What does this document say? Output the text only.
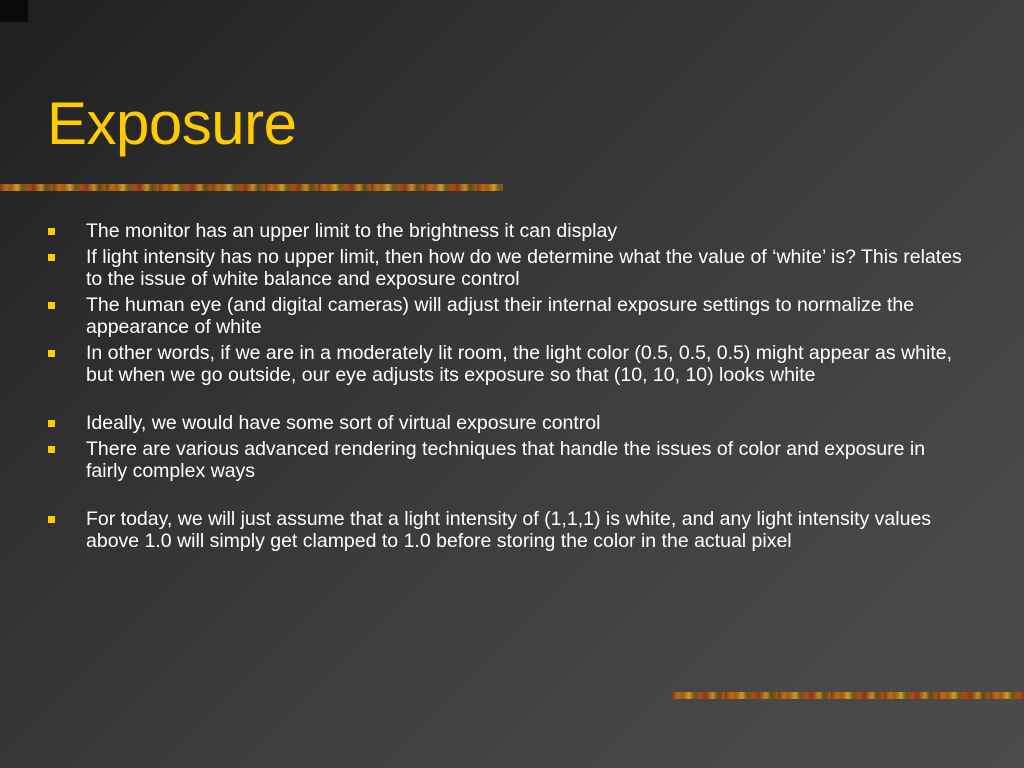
Exposure
The monitor has an upper limit to the brightness it can display
If light intensity has no upper limit, then how do we determine what the value of ‘white’ is? This relates to the issue of white balance and exposure control
The human eye (and digital cameras) will adjust their internal exposure settings to normalize the appearance of white
In other words, if we are in a moderately lit room, the light color (0.5, 0.5, 0.5) might appear as white, but when we go outside, our eye adjusts its exposure so that (10, 10, 10) looks white
Ideally, we would have some sort of virtual exposure control
There are various advanced rendering techniques that handle the issues of color and exposure in fairly complex ways
For today, we will just assume that a light intensity of (1,1,1) is white, and any light intensity values above 1.0 will simply get clamped to 1.0 before storing the color in the actual pixel
